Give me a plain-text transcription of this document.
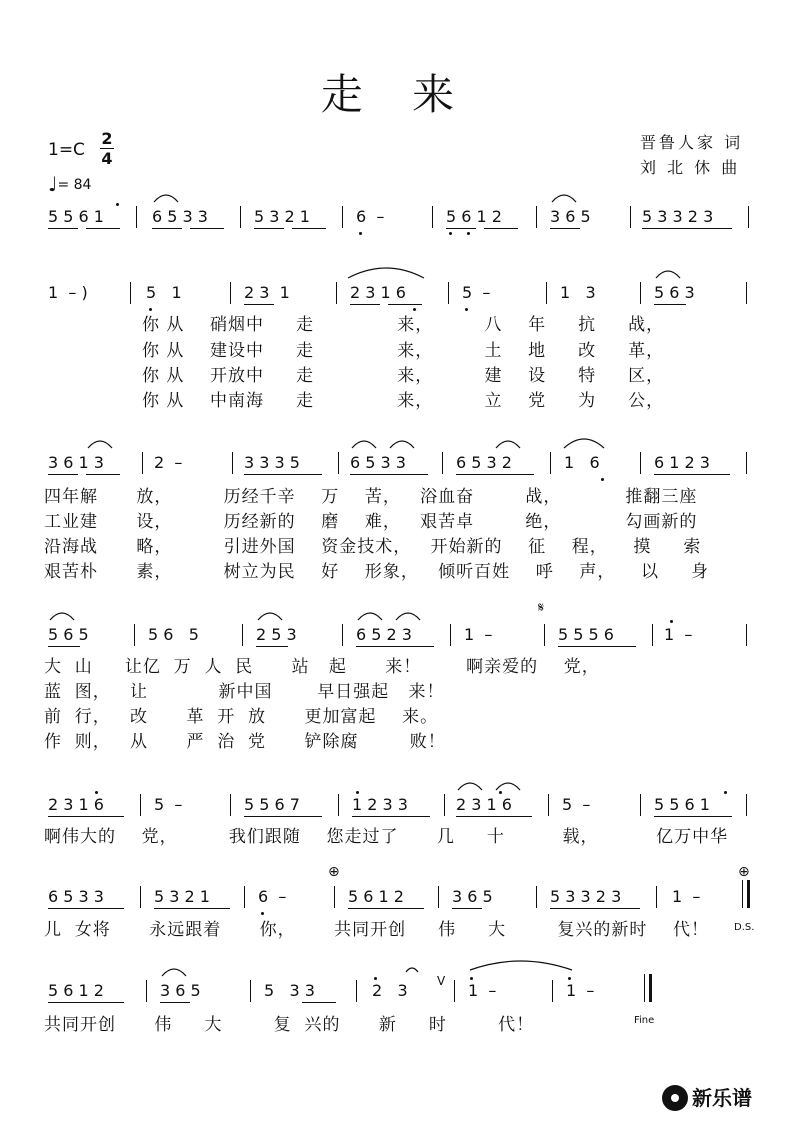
走 来
1=C
2
4
♩= 84
晋鲁人家 词
刘 北 休 曲
5 5 6 1	6 5 3 3	5 3 2 1	6  –	5 6 1 2	3 6 5	5 3 3 2 3
1  – )	5   1	2 3  1	2 3 1 6	5  –	1   3	5 6 3
你 从    硝烟中     走             来，        八    年     抗     战，
你 从    建设中     走             来，        土    地     改     革，
你 从    开放中     走             来，        建    设     特     区，
你 从    中南海     走             来，        立    党     为     公，
3 6 1 3	2  –	3 3 3 5	6 5 3 3	6 5 3 2	1   6	6 1 2 3
四年解      放，        历经千辛    万    苦，   浴血奋        战，          推翻三座
工业建      设，        历经新的    磨    难，   艰苦卓        绝，          勾画新的
沿海战      略，        引进外国    资金技术，   开始新的    征    程，    摸     索
艰苦朴      素，        树立为民    好    形象，   倾听百姓    呼    声，    以     身
5 6 5	5 6   5	2 5 3	6 5 2 3	1  –	5 5 5 6	1  –
大  山     让亿  万  人  民      站   起      来！       啊亲爱的    党，
蓝  图，   让           新中国       早日强起   来！
前  行，   改      革  开  放      更加富起    来。
作  则，   从      严  治  党      铲除腐        败！
2 3 1 6	5  –	5 5 6 7	1 2 3 3	2 3 1 6	5  –	5 5 6 1
啊伟大的    党，        我们跟随    您走过了      几     十         载，         亿万中华
6 5 3 3	5 3 2 1	6  –	5 6 1 2	3 6 5	5 3 3 2 3	1  –
儿  女将      永远跟着      你，      共同开创     伟     大        复兴的新时    代！	D.S.
5 6 1 2	3 6 5	5   3 3	2   3	1  –	1  –
V
共同开创      伟     大        复  兴的      新     时        代！	Fine
𝄋
⊕	⊕
新乐谱
